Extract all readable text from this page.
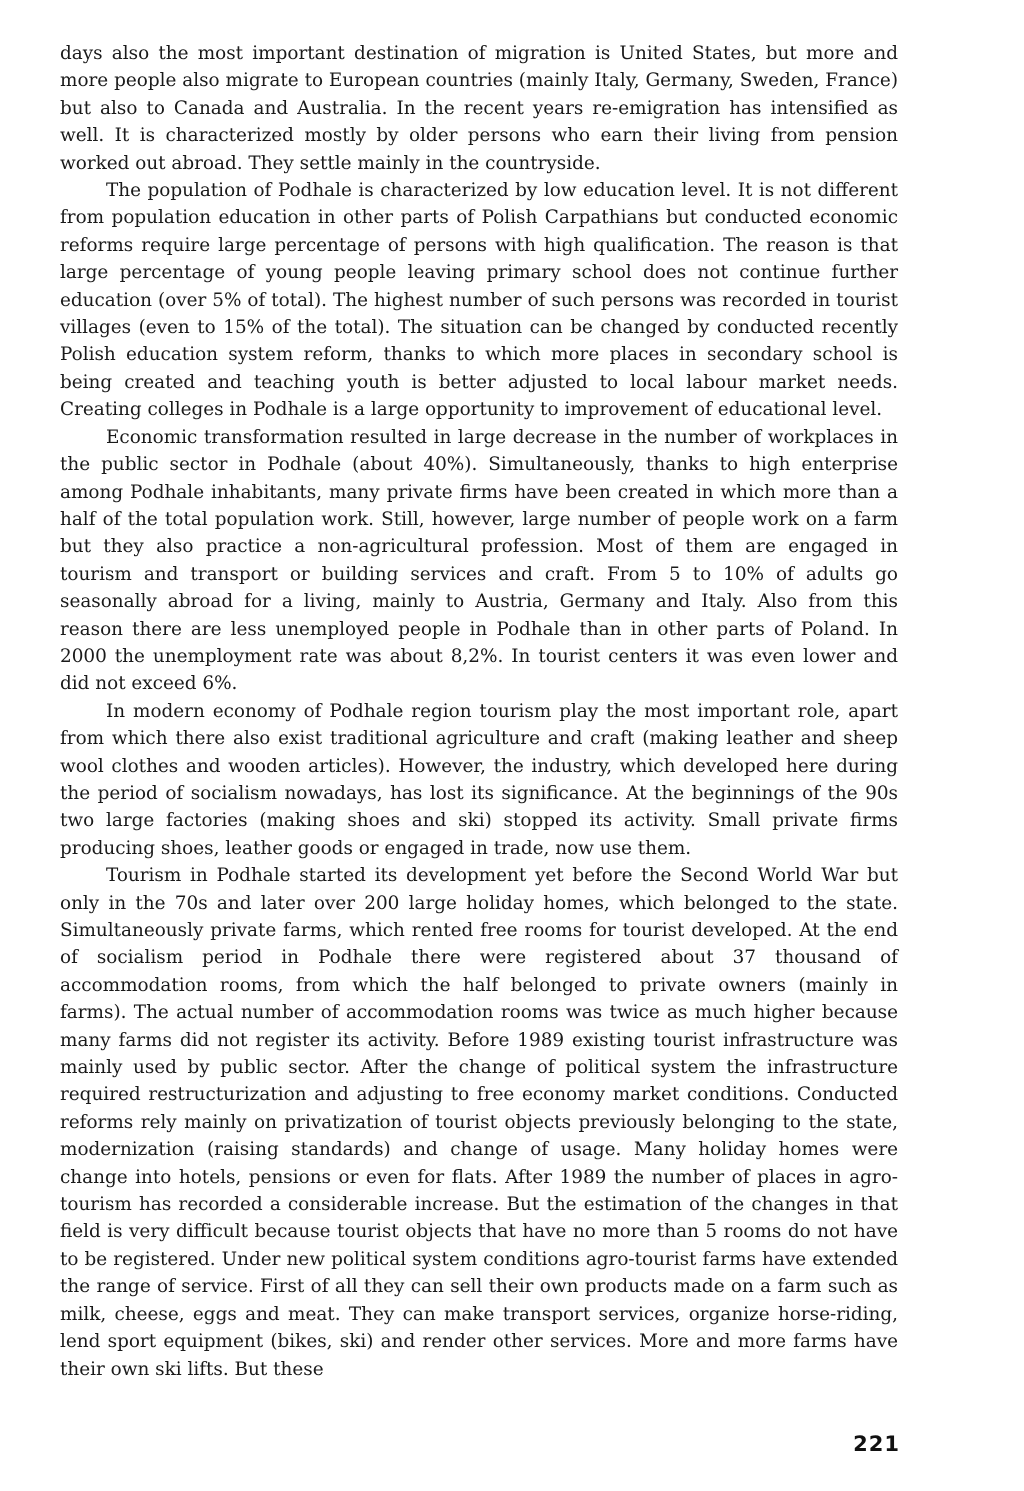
days also the most important destination of migration is United States, but more and more people also migrate to European countries (mainly Italy, Germany, Sweden, France) but also to Canada and Australia. In the recent years re-emigration has intensified as well. It is characterized mostly by older persons who earn their living from pension worked out abroad. They settle mainly in the countryside.

The population of Podhale is characterized by low education level. It is not different from population education in other parts of Polish Carpathians but conducted economic reforms require large percentage of persons with high qualification. The reason is that large percentage of young people leaving primary school does not continue further education (over 5% of total). The highest number of such persons was recorded in tourist villages (even to 15% of the total). The situation can be changed by conducted recently Polish education system reform, thanks to which more places in secondary school is being created and teaching youth is better adjusted to local labour market needs. Creating colleges in Podhale is a large opportunity to improvement of educational level.

Economic transformation resulted in large decrease in the number of workplaces in the public sector in Podhale (about 40%). Simultaneously, thanks to high enterprise among Podhale inhabitants, many private firms have been created in which more than a half of the total population work. Still, however, large number of people work on a farm but they also practice a non-agricultural profession. Most of them are engaged in tourism and transport or building services and craft. From 5 to 10% of adults go seasonally abroad for a living, mainly to Austria, Germany and Italy. Also from this reason there are less unemployed people in Podhale than in other parts of Poland. In 2000 the unemployment rate was about 8,2%. In tourist centers it was even lower and did not exceed 6%.

In modern economy of Podhale region tourism play the most important role, apart from which there also exist traditional agriculture and craft (making leather and sheep wool clothes and wooden articles). However, the industry, which developed here during the period of socialism nowadays, has lost its significance. At the beginnings of the 90s two large factories (making shoes and ski) stopped its activity. Small private firms producing shoes, leather goods or engaged in trade, now use them.

Tourism in Podhale started its development yet before the Second World War but only in the 70s and later over 200 large holiday homes, which belonged to the state. Simultaneously private farms, which rented free rooms for tourist developed. At the end of socialism period in Podhale there were registered about 37 thousand of accommodation rooms, from which the half belonged to private owners (mainly in farms). The actual number of accommodation rooms was twice as much higher because many farms did not register its activity. Before 1989 existing tourist infrastructure was mainly used by public sector. After the change of political system the infrastructure required restructurization and adjusting to free economy market conditions. Conducted reforms rely mainly on privatization of tourist objects previously belonging to the state, modernization (raising standards) and change of usage. Many holiday homes were change into hotels, pensions or even for flats. After 1989 the number of places in agro-tourism has recorded a considerable increase. But the estimation of the changes in that field is very difficult because tourist objects that have no more than 5 rooms do not have to be registered. Under new political system conditions agro-tourist farms have extended the range of service. First of all they can sell their own products made on a farm such as milk, cheese, eggs and meat. They can make transport services, organize horse-riding, lend sport equipment (bikes, ski) and render other services. More and more farms have their own ski lifts. But these

221
